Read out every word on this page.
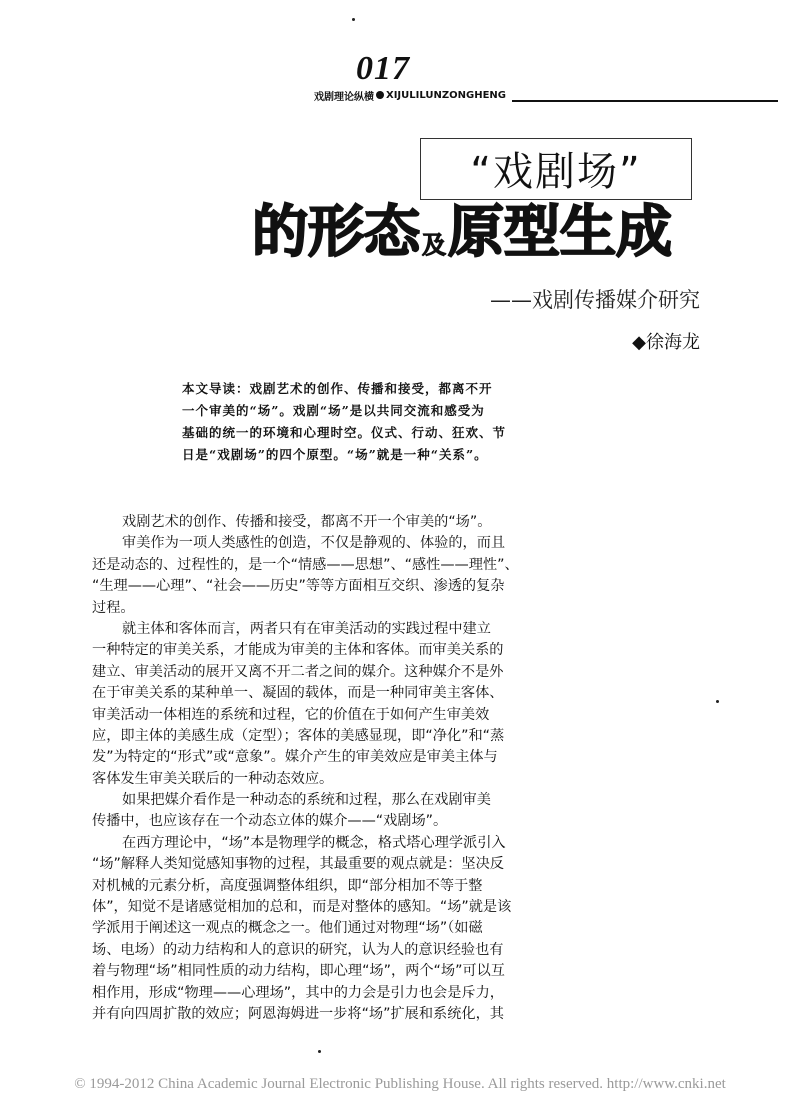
017
戏剧理论纵横 XIJULILUNZONGHENG
“戏剧场”
的形态 及 原型生成
——戏剧传播媒介研究
◆徐海龙
本文导读：戏剧艺术的创作、传播和接受，都离不开
一个审美的“场”。戏剧“场”是以共同交流和感受为
基础的统一的环境和心理时空。仪式、行动、狂欢、节
日是“戏剧场”的四个原型。“场”就是一种“关系”。
戏剧艺术的创作、传播和接受，都离不开一个审美的“场”。
审美作为一项人类感性的创造，不仅是静观的、体验的，而且
还是动态的、过程性的，是一个“情感——思想”、“感性——理性”、
“生理——心理”、“社会——历史”等等方面相互交织、渗透的复杂
过程。
就主体和客体而言，两者只有在审美活动的实践过程中建立
一种特定的审美关系，才能成为审美的主体和客体。而审美关系的
建立、审美活动的展开又离不开二者之间的媒介。这种媒介不是外
在于审美关系的某种单一、凝固的载体，而是一种同审美主客体、
审美活动一体相连的系统和过程，它的价值在于如何产生审美效
应，即主体的美感生成（定型）；客体的美感显现，即“净化”和“蒸
发”为特定的“形式”或“意象”。媒介产生的审美效应是审美主体与
客体发生审美关联后的一种动态效应。
如果把媒介看作是一种动态的系统和过程，那么在戏剧审美
传播中，也应该存在一个动态立体的媒介——“戏剧场”。
在西方理论中，“场”本是物理学的概念，格式塔心理学派引入
“场”解释人类知觉感知事物的过程，其最重要的观点就是：坚决反
对机械的元素分析，高度强调整体组织，即“部分相加不等于整
体”，知觉不是诸感觉相加的总和，而是对整体的感知。“场”就是该
学派用于阐述这一观点的概念之一。他们通过对物理“场”（如磁
场、电场）的动力结构和人的意识的研究，认为人的意识经验也有
着与物理“场”相同性质的动力结构，即心理“场”，两个“场”可以互
相作用，形成“物理——心理场”，其中的力会是引力也会是斥力，
并有向四周扩散的效应；阿恩海姆进一步将“场”扩展和系统化，其
© 1994-2012 China Academic Journal Electronic Publishing House. All rights reserved. http://www.cnki.net
